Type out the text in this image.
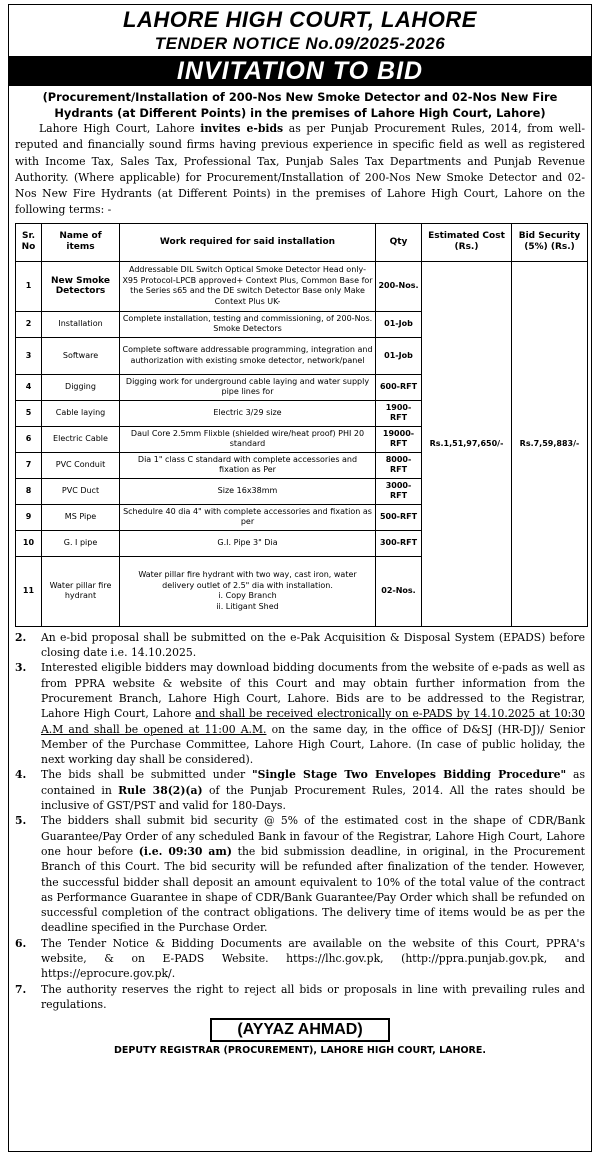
LAHORE HIGH COURT, LAHORE
TENDER NOTICE No.09/2025-2026
INVITATION TO BID
(Procurement/Installation of 200-Nos New Smoke Detector and 02-Nos New Fire Hydrants (at Different Points) in the premises of Lahore High Court, Lahore)
Lahore High Court, Lahore invites e-bids as per Punjab Procurement Rules, 2014, from well-reputed and financially sound firms having previous experience in specific field as well as registered with Income Tax, Sales Tax, Professional Tax, Punjab Sales Tax Departments and Punjab Revenue Authority. (Where applicable) for Procurement/Installation of 200-Nos New Smoke Detector and 02-Nos New Fire Hydrants (at Different Points) in the premises of Lahore High Court, Lahore on the following terms: -
Sr. No	Name of items	Work required for said installation	Qty	Estimated Cost (Rs.)	Bid Security (5%) (Rs.)
1	New Smoke Detectors	Addressable DIL Switch Optical Smoke Detector Head only-X95 Protocol-LPCB approved+ Context Plus, Common Base for the Series s65 and the DE switch Detector Base only Make Context Plus UK-	200-Nos.	Rs.1,51,97,650/-	Rs.7,59,883/-
2	Installation	Complete installation, testing and commissioning, of 200-Nos. Smoke Detectors	01-Job		
3	Software	Complete software addressable programming, integration and authorization with existing smoke detector, network/panel	01-Job		
4	Digging	Digging work for underground cable laying and water supply pipe lines for	600-RFT		
5	Cable laying	Electric 3/29 size	1900-RFT		
6	Electric Cable	Daul Core 2.5mm Flixble (shielded wire/heat proof) PHI 20 standard	19000-RFT		
7	PVC Conduit	Dia 1" class C standard with complete accessories and fixation as Per	8000-RFT		
8	PVC Duct	Size 16x38mm	3000-RFT		
9	MS Pipe	Schedulre 40 dia 4" with complete accessories and fixation as per	500-RFT		
10	G. I pipe	G.I. Pipe 3" Dia	300-RFT		
11	Water pillar fire hydrant	Water pillar fire hydrant with two way, cast iron, water delivery outlet of 2.5" dia with installation.
i. Copy Branch
ii. Litigant Shed	02-Nos.		
2.	An e-bid proposal shall be submitted on the e-Pak Acquisition & Disposal System (EPADS) before closing date i.e. 14.10.2025.
3.	Interested eligible bidders may download bidding documents from the website of e-pads as well as from PPRA website & website of this Court and may obtain further information from the Procurement Branch, Lahore High Court, Lahore. Bids are to be addressed to the Registrar, Lahore High Court, Lahore and shall be received electronically on e-PADS by 14.10.2025 at 10:30 A.M and shall be opened at 11:00 A.M. on the same day, in the office of D&SJ (HR-DJ)/ Senior Member of the Purchase Committee, Lahore High Court, Lahore. (In case of public holiday, the next working day shall be considered).
4.	The bids shall be submitted under "Single Stage Two Envelopes Bidding Procedure" as contained in Rule 38(2)(a) of the Punjab Procurement Rules, 2014. All the rates should be inclusive of GST/PST and valid for 180-Days.
5.	The bidders shall submit bid security @ 5% of the estimated cost in the shape of CDR/Bank Guarantee/Pay Order of any scheduled Bank in favour of the Registrar, Lahore High Court, Lahore one hour before (i.e. 09:30 am) the bid submission deadline, in original, in the Procurement Branch of this Court. The bid security will be refunded after finalization of the tender. However, the successful bidder shall deposit an amount equivalent to 10% of the total value of the contract as Performance Guarantee in shape of CDR/Bank Guarantee/Pay Order which shall be refunded on successful completion of the contract obligations. The delivery time of items would be as per the deadline specified in the Purchase Order.
6.	The Tender Notice & Bidding Documents are available on the website of this Court, PPRA's website, & on E-PADS Website. https://lhc.gov.pk, (http://ppra.punjab.gov.pk, and https://eprocure.gov.pk/.
7.	The authority reserves the right to reject all bids or proposals in line with prevailing rules and regulations.
(AYYAZ AHMAD)
DEPUTY REGISTRAR (PROCUREMENT), LAHORE HIGH COURT, LAHORE.
